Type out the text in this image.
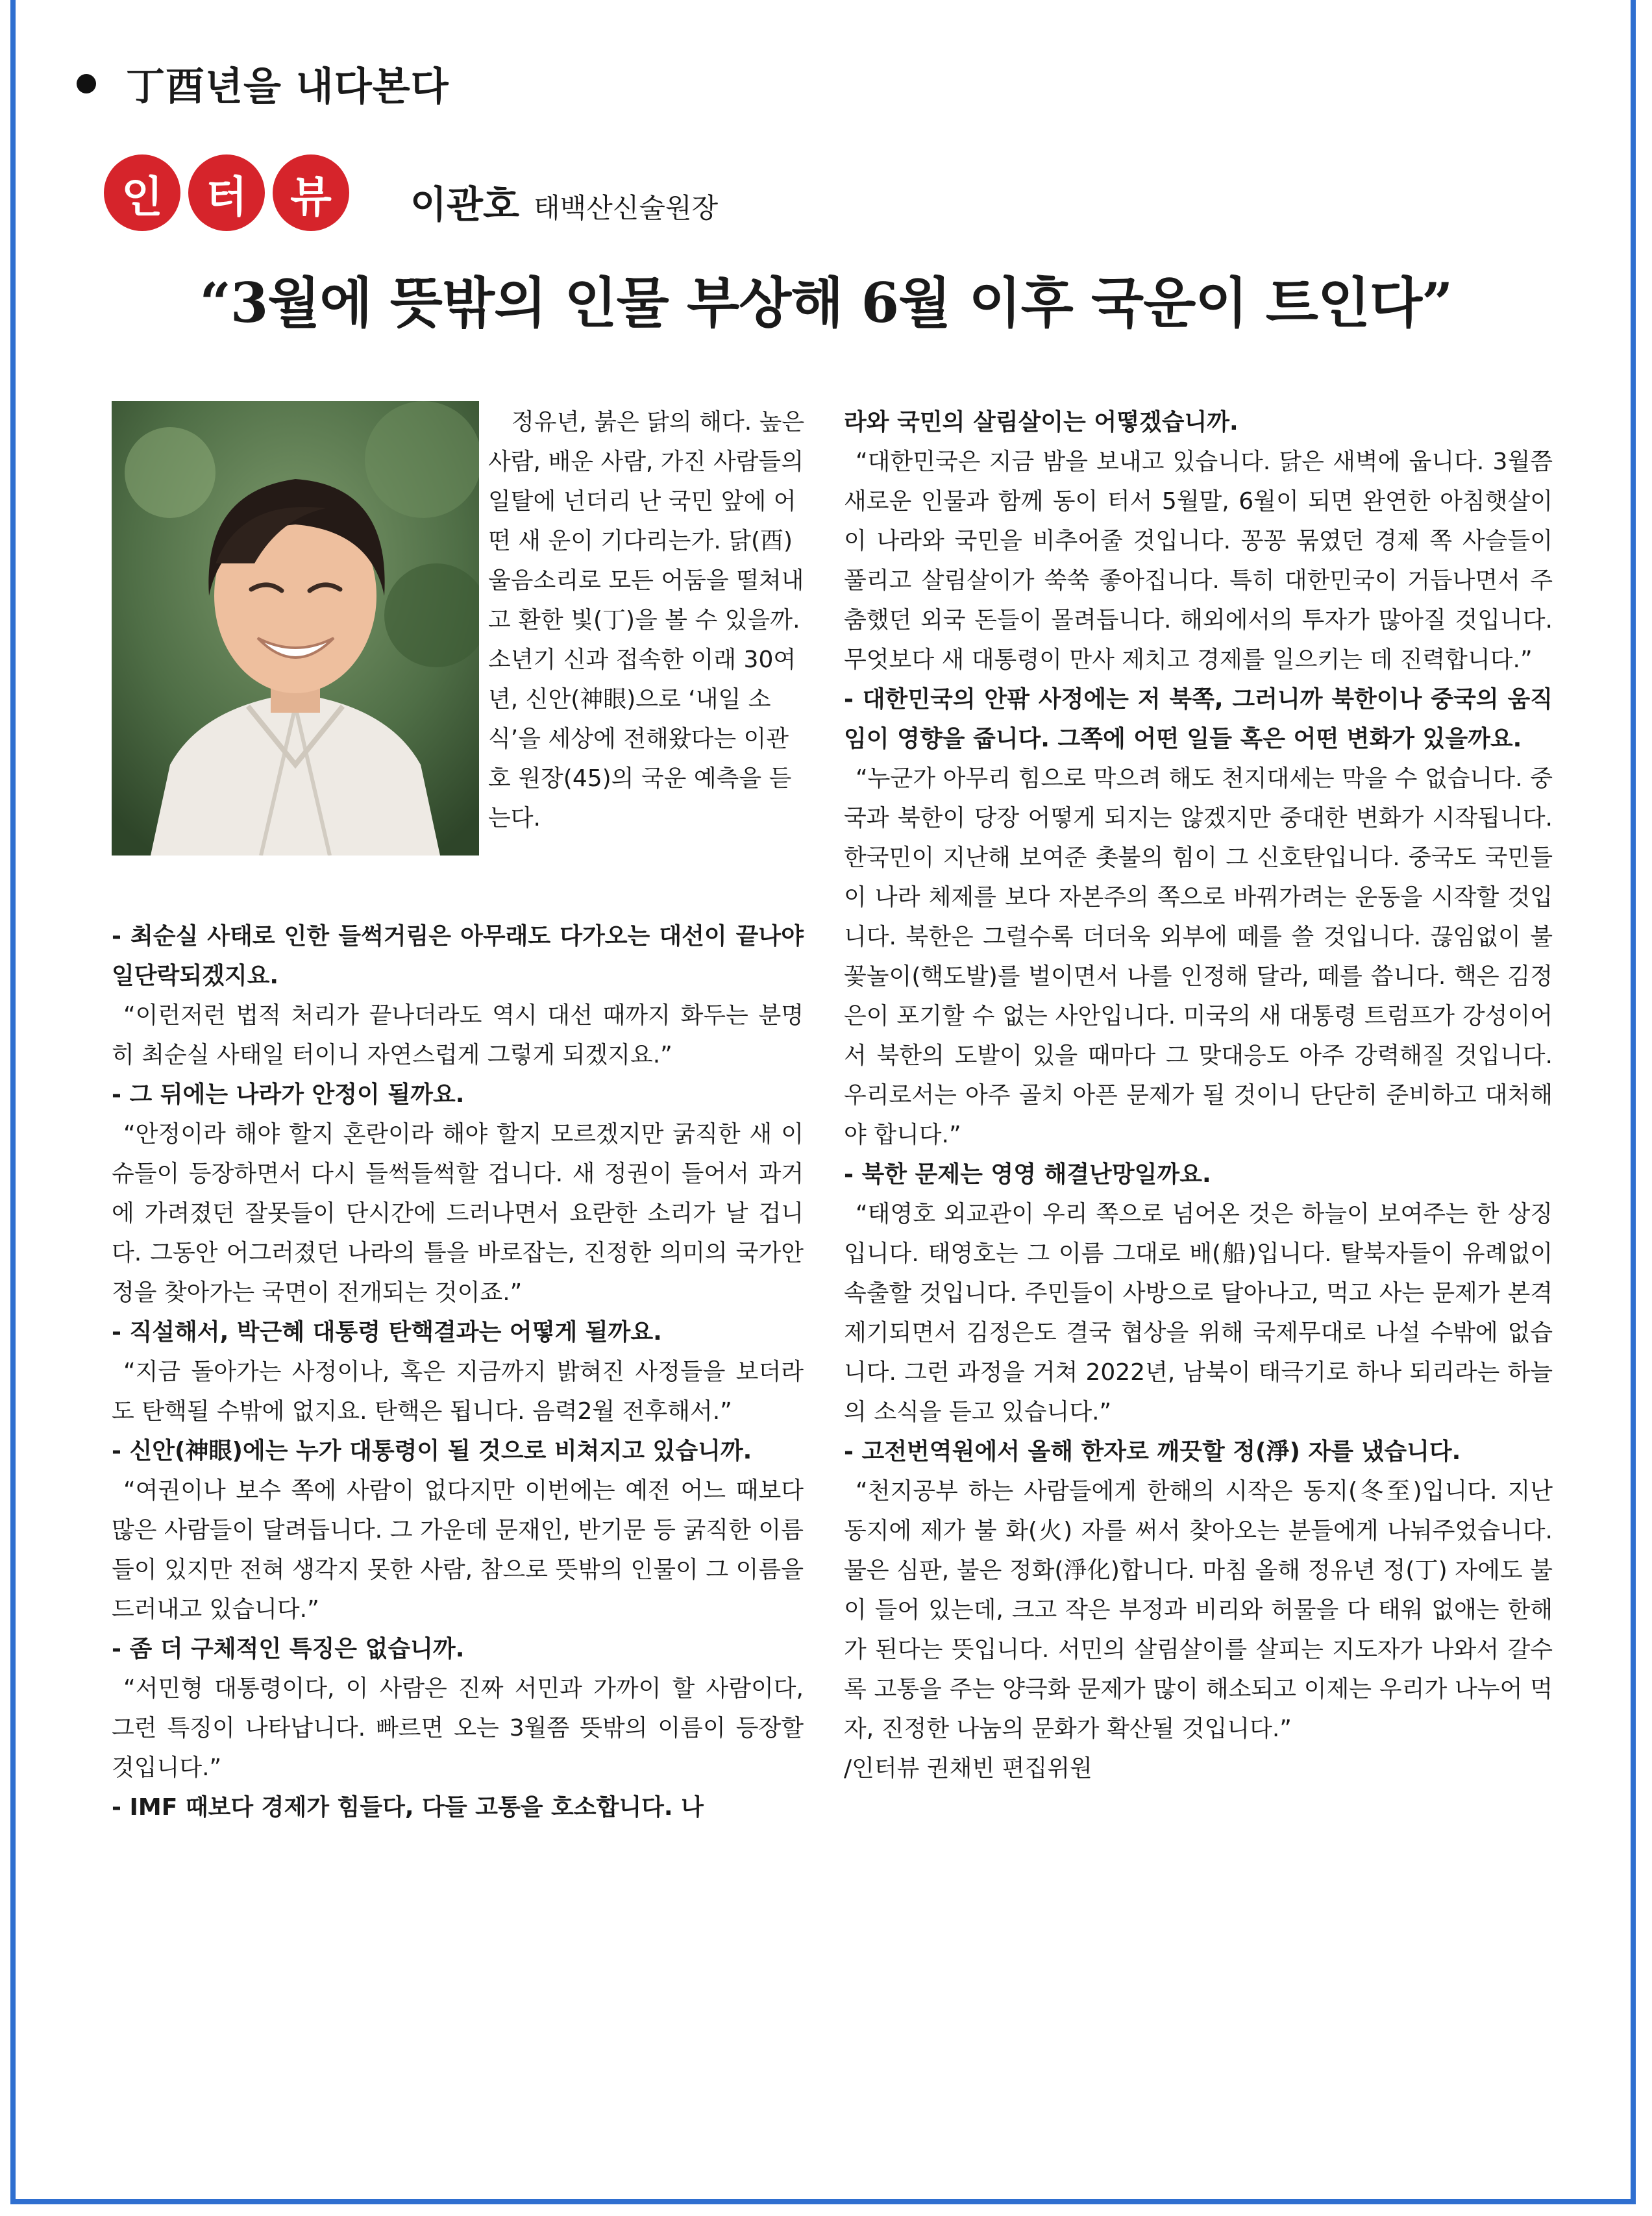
丁酉년을 내다본다
인	터	뷰	이관호 태백산신술원장
“3월에 뜻밖의 인물 부상해 6월 이후 국운이 트인다”
정유년, 붉은 닭의 해다. 높은 사람, 배운 사람, 가진 사람들의 일탈에 넌더리 난 국민 앞에 어떤 새 운이 기다리는가. 닭(酉) 울음소리로 모든 어둠을 떨쳐내고 환한 빛(丁)을 볼 수 있을까. 소년기 신과 접속한 이래 30여년, 신안(神眼)으로 ‘내일 소식’을 세상에 전해왔다는 이관호 원장(45)의 국운 예측을 듣는다.

- 최순실 사태로 인한 들썩거림은 아무래도 다가오는 대선이 끝나야 일단락되겠지요.

“이런저런 법적 처리가 끝나더라도 역시 대선 때까지 화두는 분명히 최순실 사태일 터이니 자연스럽게 그렇게 되겠지요.”

- 그 뒤에는 나라가 안정이 될까요.

“안정이라 해야 할지 혼란이라 해야 할지 모르겠지만 굵직한 새 이슈들이 등장하면서 다시 들썩들썩할 겁니다. 새 정권이 들어서 과거에 가려졌던 잘못들이 단시간에 드러나면서 요란한 소리가 날 겁니다. 그동안 어그러졌던 나라의 틀을 바로잡는, 진정한 의미의 국가안정을 찾아가는 국면이 전개되는 것이죠.”

- 직설해서, 박근혜 대통령 탄핵결과는 어떻게 될까요.

“지금 돌아가는 사정이나, 혹은 지금까지 밝혀진 사정들을 보더라도 탄핵될 수밖에 없지요. 탄핵은 됩니다. 음력2월 전후해서.”

- 신안(神眼)에는 누가 대통령이 될 것으로 비쳐지고 있습니까.

“여권이나 보수 쪽에 사람이 없다지만 이번에는 예전 어느 때보다 많은 사람들이 달려듭니다. 그 가운데 문재인, 반기문 등 굵직한 이름들이 있지만 전혀 생각지 못한 사람, 참으로 뜻밖의 인물이 그 이름을 드러내고 있습니다.”

- 좀 더 구체적인 특징은 없습니까.

“서민형 대통령이다, 이 사람은 진짜 서민과 가까이 할 사람이다, 그런 특징이 나타납니다. 빠르면 오는 3월쯤 뜻밖의 이름이 등장할 것입니다.”

- IMF 때보다 경제가 힘들다, 다들 고통을 호소합니다. 나

라와 국민의 살림살이는 어떻겠습니까.

“대한민국은 지금 밤을 보내고 있습니다. 닭은 새벽에 웁니다. 3월쯤 새로운 인물과 함께 동이 터서 5월말, 6월이 되면 완연한 아침햇살이 이 나라와 국민을 비추어줄 것입니다. 꽁꽁 묶였던 경제 쪽 사슬들이 풀리고 살림살이가 쑥쑥 좋아집니다. 특히 대한민국이 거듭나면서 주춤했던 외국 돈들이 몰려듭니다. 해외에서의 투자가 많아질 것입니다. 무엇보다 새 대통령이 만사 제치고 경제를 일으키는 데 진력합니다.”

- 대한민국의 안팎 사정에는 저 북쪽, 그러니까 북한이나 중국의 움직임이 영향을 줍니다. 그쪽에 어떤 일들 혹은 어떤 변화가 있을까요.

“누군가 아무리 힘으로 막으려 해도 천지대세는 막을 수 없습니다. 중국과 북한이 당장 어떻게 되지는 않겠지만 중대한 변화가 시작됩니다. 한국민이 지난해 보여준 촛불의 힘이 그 신호탄입니다. 중국도 국민들이 나라 체제를 보다 자본주의 쪽으로 바꿔가려는 운동을 시작할 것입니다. 북한은 그럴수록 더더욱 외부에 떼를 쓸 것입니다. 끊임없이 불꽃놀이(핵도발)를 벌이면서 나를 인정해 달라, 떼를 씁니다. 핵은 김정은이 포기할 수 없는 사안입니다. 미국의 새 대통령 트럼프가 강성이어서 북한의 도발이 있을 때마다 그 맞대응도 아주 강력해질 것입니다. 우리로서는 아주 골치 아픈 문제가 될 것이니 단단히 준비하고 대처해야 합니다.”

- 북한 문제는 영영 해결난망일까요.

“태영호 외교관이 우리 쪽으로 넘어온 것은 하늘이 보여주는 한 상징입니다. 태영호는 그 이름 그대로 배(船)입니다. 탈북자들이 유례없이 속출할 것입니다. 주민들이 사방으로 달아나고, 먹고 사는 문제가 본격 제기되면서 김정은도 결국 협상을 위해 국제무대로 나설 수밖에 없습니다. 그런 과정을 거쳐 2022년, 남북이 태극기로 하나 되리라는 하늘의 소식을 듣고 있습니다.”

- 고전번역원에서 올해 한자로 깨끗할 정(淨) 자를 냈습니다.

“천지공부 하는 사람들에게 한해의 시작은 동지(冬至)입니다. 지난 동지에 제가 불 화(火) 자를 써서 찾아오는 분들에게 나눠주었습니다. 물은 심판, 불은 정화(淨化)합니다. 마침 올해 정유년 정(丁) 자에도 불이 들어 있는데, 크고 작은 부정과 비리와 허물을 다 태워 없애는 한해가 된다는 뜻입니다. 서민의 살림살이를 살피는 지도자가 나와서 갈수록 고통을 주는 양극화 문제가 많이 해소되고 이제는 우리가 나누어 먹자, 진정한 나눔의 문화가 확산될 것입니다.”

/인터뷰 권채빈 편집위원
